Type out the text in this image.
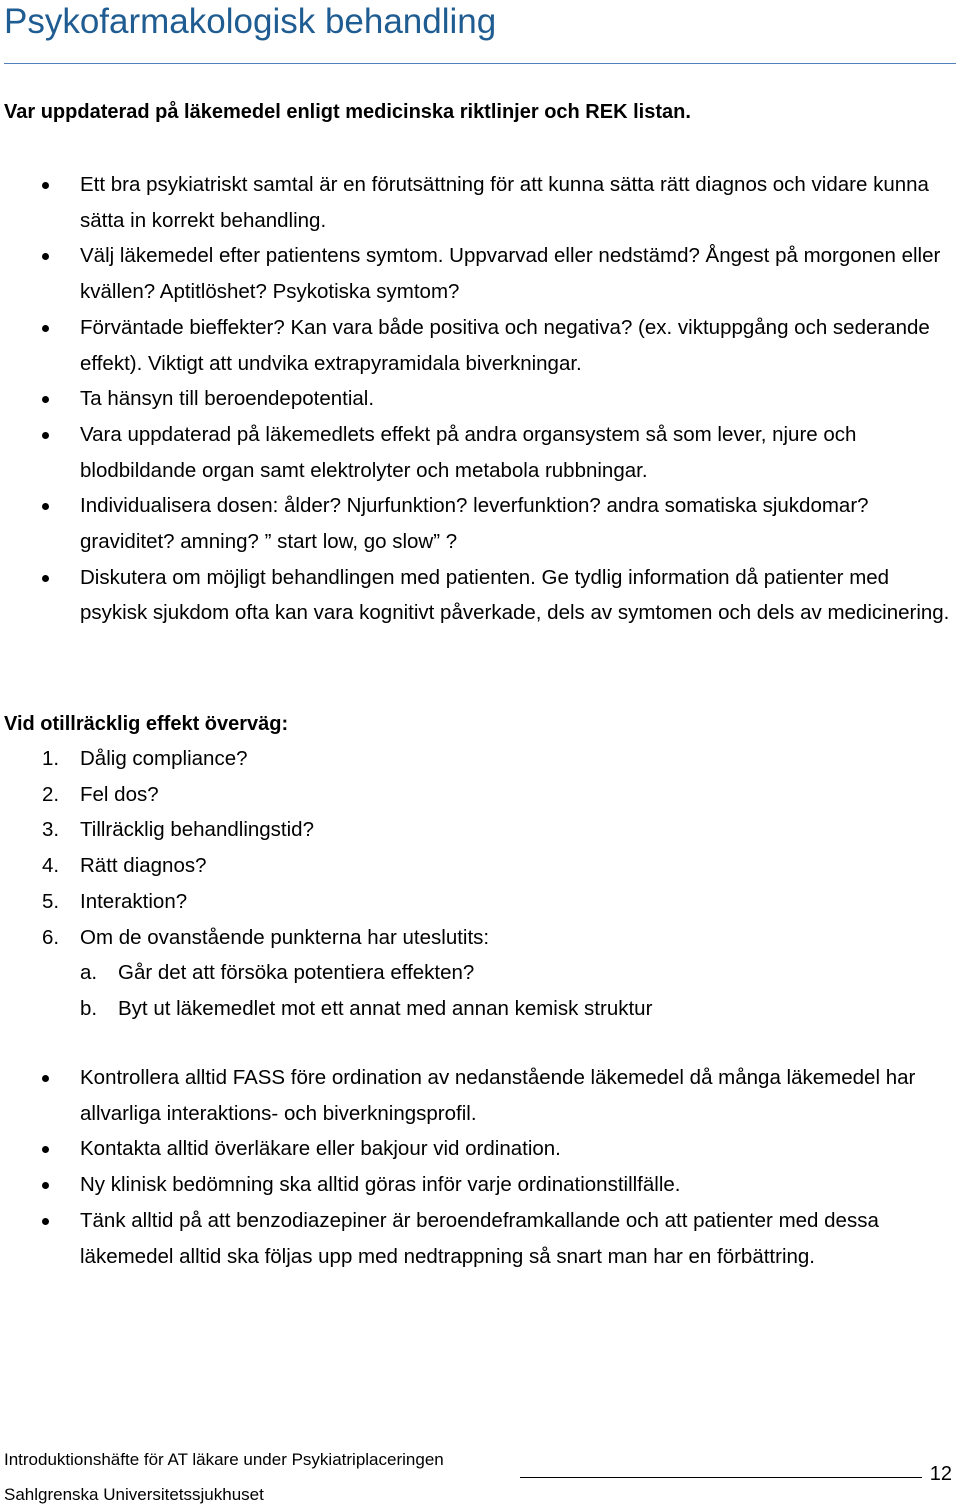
Psykofarmakologisk behandling
Var uppdaterad på läkemedel enligt medicinska riktlinjer och REK listan.
Ett bra psykiatriskt samtal är en förutsättning för att kunna sätta rätt diagnos och vidare kunna sätta in korrekt behandling.
Välj läkemedel efter patientens symtom. Uppvarvad eller nedstämd? Ångest på morgonen eller kvällen? Aptitlöshet? Psykotiska symtom?
Förväntade bieffekter? Kan vara både positiva och negativa? (ex. viktuppgång och sederande effekt). Viktigt att undvika extrapyramidala biverkningar.
Ta hänsyn till beroendepotential.
Vara uppdaterad på läkemedlets effekt på andra organsystem så som lever, njure och blodbildande organ samt elektrolyter och metabola rubbningar.
Individualisera dosen: ålder? Njurfunktion? leverfunktion? andra somatiska sjukdomar? graviditet? amning? ” start low, go slow” ?
Diskutera om möjligt behandlingen med patienten. Ge tydlig information då patienter med psykisk sjukdom ofta kan vara kognitivt påverkade, dels av symtomen och dels av medicinering.
Vid otillräcklig effekt överväg:
1. Dålig compliance?
2. Fel dos?
3. Tillräcklig behandlingstid?
4. Rätt diagnos?
5. Interaktion?
6. Om de ovanstående punkterna har uteslutits:
a. Går det att försöka potentiera effekten?
b. Byt ut läkemedlet mot ett annat med annan kemisk struktur
Kontrollera alltid FASS före ordination av nedanstående läkemedel då många läkemedel har allvarliga interaktions- och biverkningsprofil.
Kontakta alltid överläkare eller bakjour vid ordination.
Ny klinisk bedömning ska alltid göras inför varje ordinationstillfälle.
Tänk alltid på att benzodiazepiner är beroendeframkallande och att patienter med dessa läkemedel alltid ska följas upp med nedtrappning så snart man har en förbättring.
Introduktionshäfte för AT läkare under Psykiatriplaceringen
12
Sahlgrenska Universitetssjukhuset
